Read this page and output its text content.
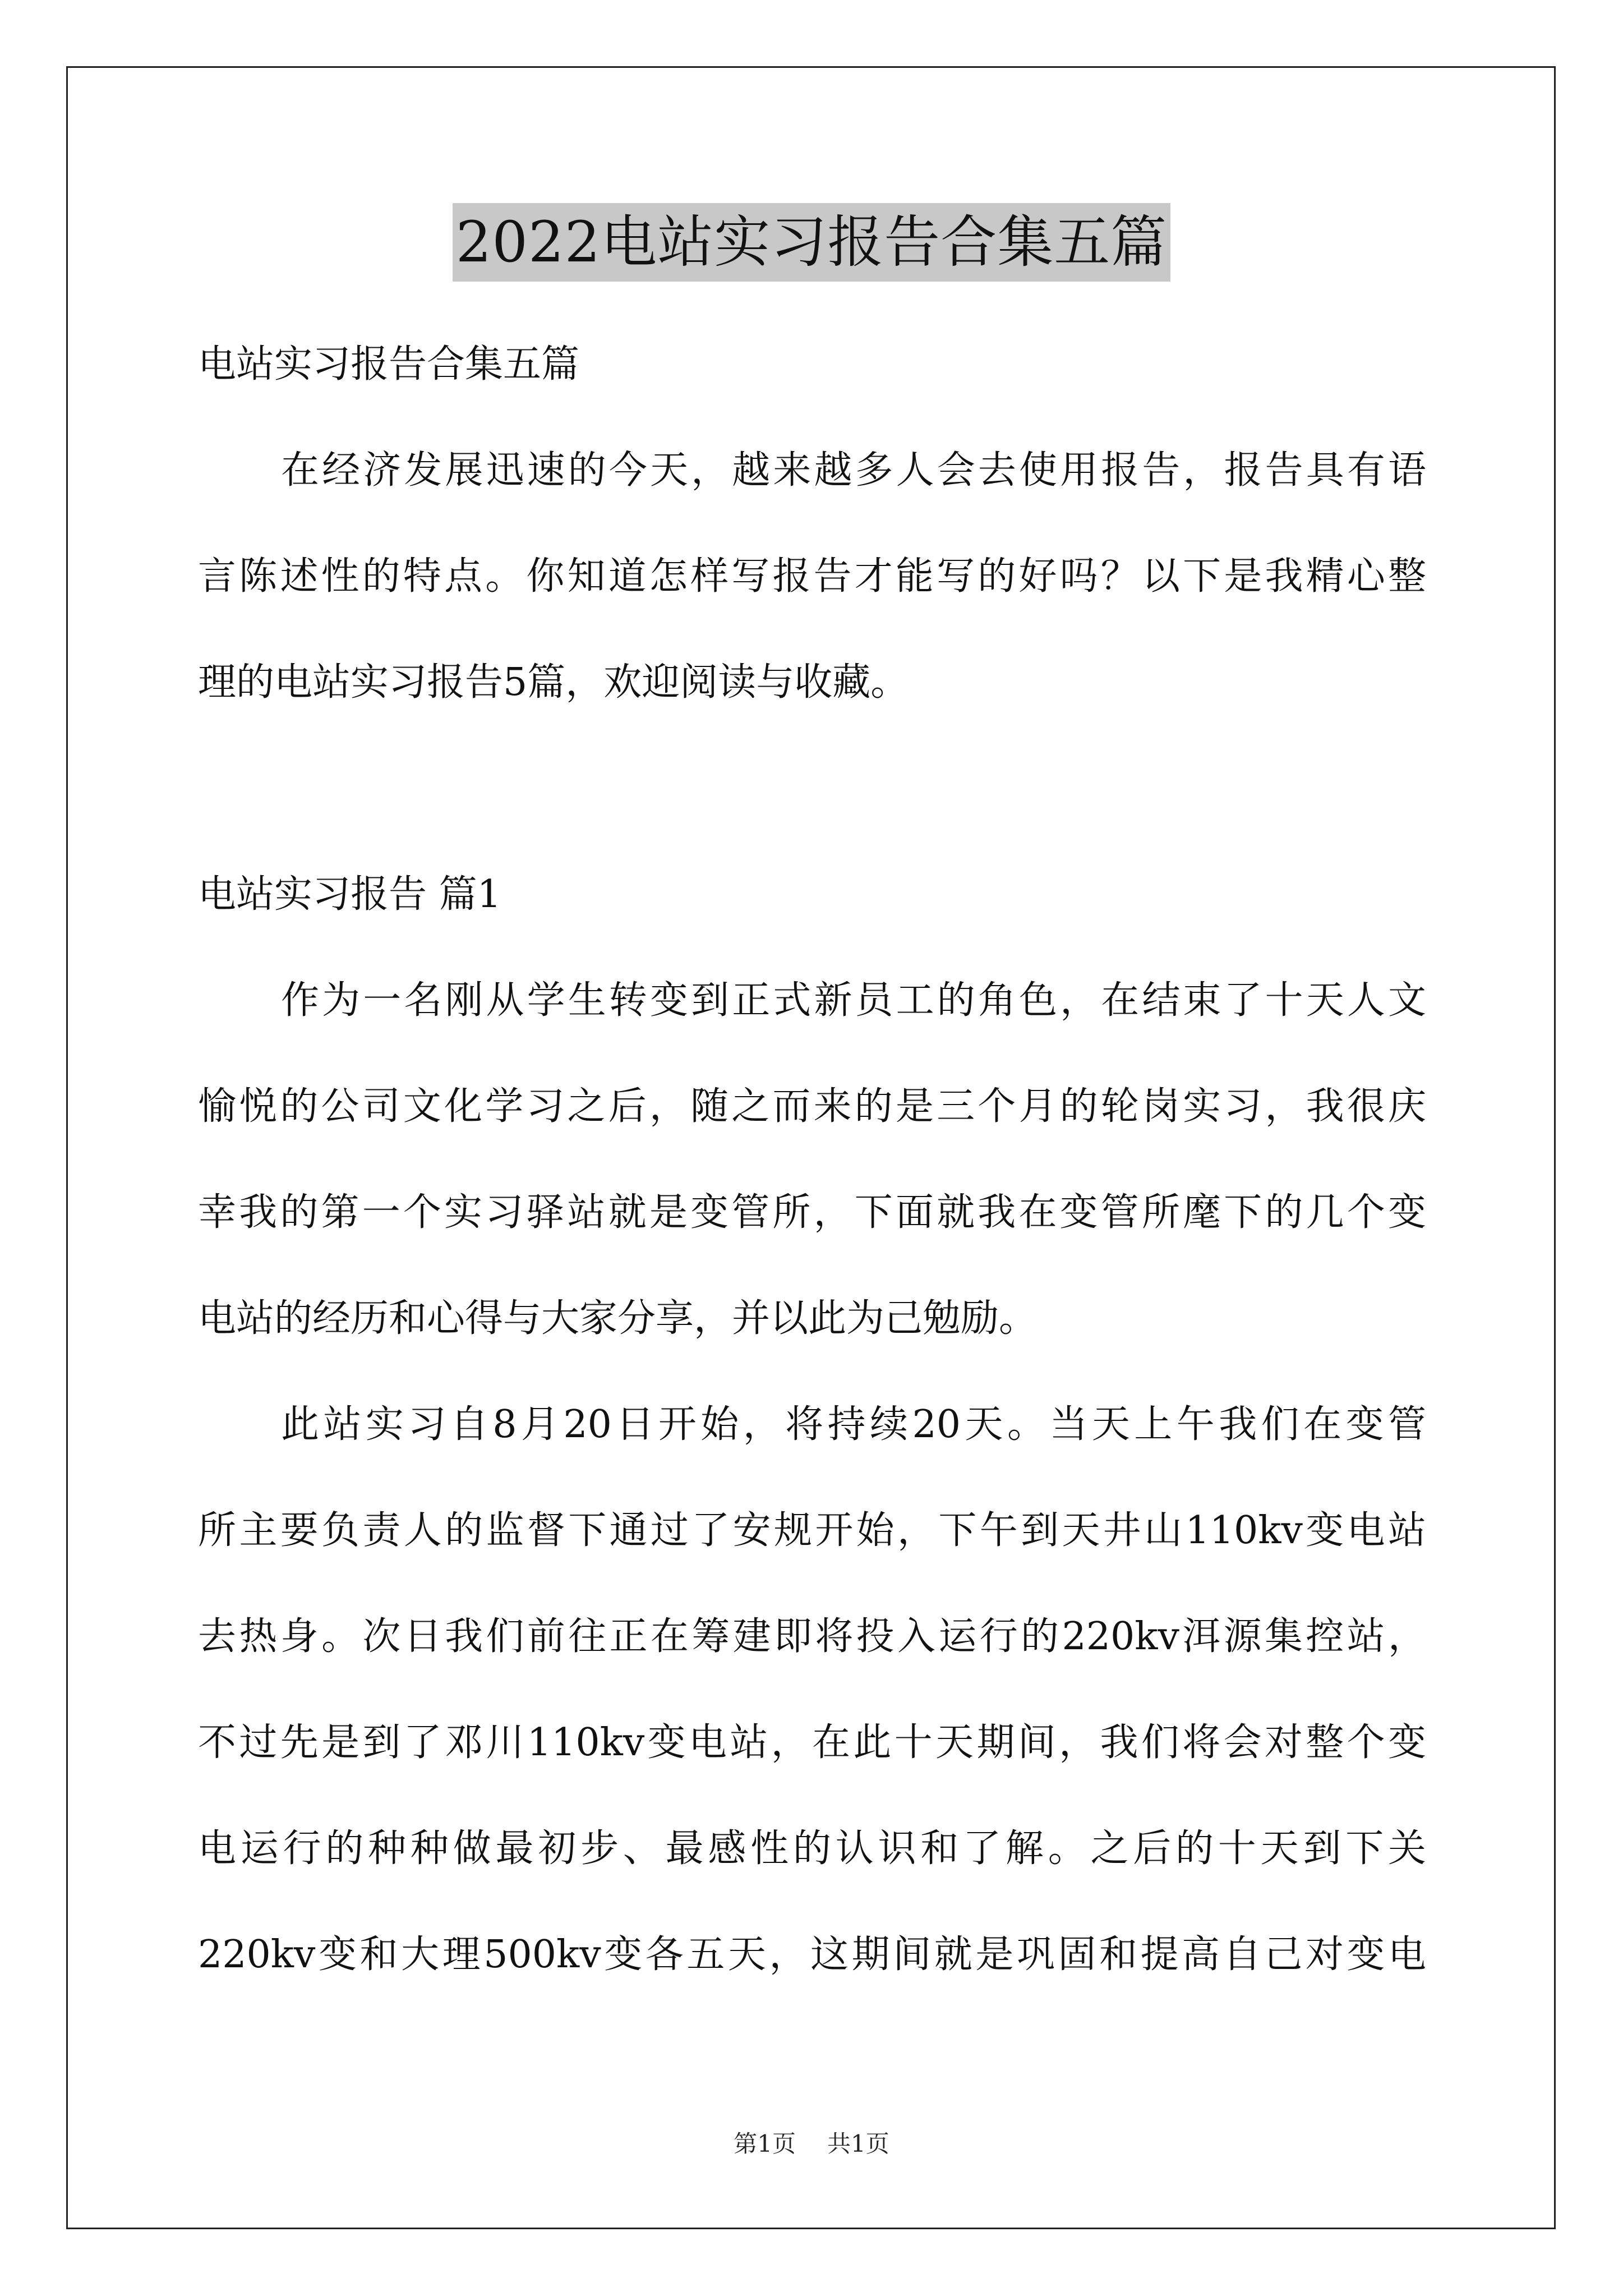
2022电站实习报告合集五篇
电站实习报告合集五篇
在经济发展迅速的今天，越来越多人会去使用报告，报告具有语
言陈述性的特点。你知道怎样写报告才能写的好吗？以下是我精心整
理的电站实习报告5篇，欢迎阅读与收藏。
电站实习报告 篇1
作为一名刚从学生转变到正式新员工的角色，在结束了十天人文
愉悦的公司文化学习之后，随之而来的是三个月的轮岗实习，我很庆
幸我的第一个实习驿站就是变管所，下面就我在变管所麾下的几个变
电站的经历和心得与大家分享，并以此为己勉励。
此站实习自8月20日开始，将持续20天。当天上午我们在变管
所主要负责人的监督下通过了安规开始，下午到天井山110kv变电站
去热身。次日我们前往正在筹建即将投入运行的220kv洱源集控站，
不过先是到了邓川110kv变电站，在此十天期间，我们将会对整个变
电运行的种种做最初步、最感性的认识和了解。之后的十天到下关
220kv变和大理500kv变各五天，这期间就是巩固和提高自己对变电
第1页 共1页
